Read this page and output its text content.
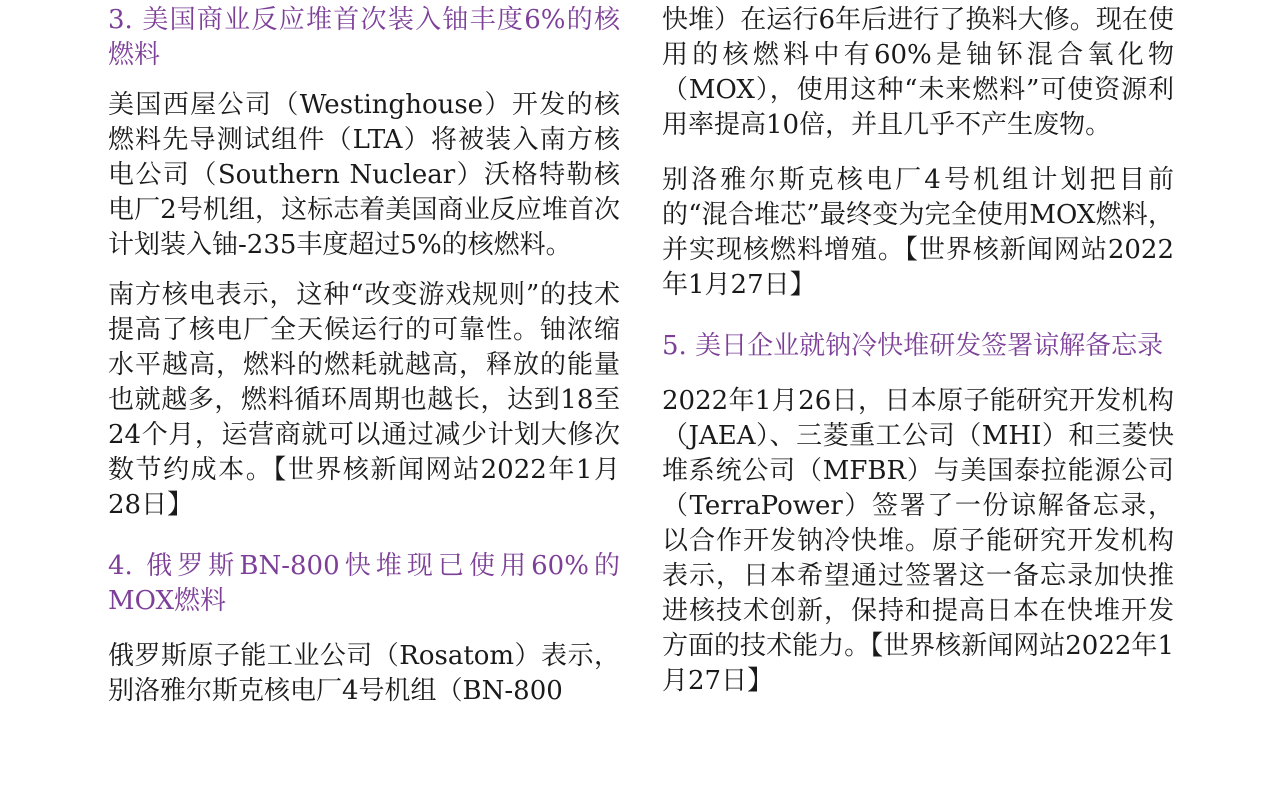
3. 美国商业反应堆首次装入铀丰度6%的核燃料

美国西屋公司（Westinghouse）开发的核燃料先导测试组件（LTA）将被装入南方核电公司（Southern Nuclear）沃格特勒核电厂2号机组，这标志着美国商业反应堆首次计划装入铀-235丰度超过5%的核燃料。

南方核电表示，这种“改变游戏规则”的技术提高了核电厂全天候运行的可靠性。铀浓缩水平越高，燃料的燃耗就越高，释放的能量也就越多，燃料循环周期也越长，达到18至24个月，运营商就可以通过减少计划大修次数节约成本。【世界核新闻网站2022年1月28日】

4. 俄罗斯BN-800快堆现已使用60%的MOX燃料

俄罗斯原子能工业公司（Rosatom）表示，别洛雅尔斯克核电厂4号机组（BN-800

快堆）在运行6年后进行了换料大修。现在使用的核燃料中有60%是铀钚混合氧化物（MOX），使用这种“未来燃料”可使资源利用率提高10倍，并且几乎不产生废物。

别洛雅尔斯克核电厂4号机组计划把目前的“混合堆芯”最终变为完全使用MOX燃料，并实现核燃料增殖。【世界核新闻网站2022年1月27日】

5. 美日企业就钠冷快堆研发签署谅解备忘录

2022年1月26日，日本原子能研究开发机构（JAEA）、三菱重工公司（MHI）和三菱快堆系统公司（MFBR）与美国泰拉能源公司（TerraPower）签署了一份谅解备忘录，以合作开发钠冷快堆。原子能研究开发机构表示，日本希望通过签署这一备忘录加快推进核技术创新，保持和提高日本在快堆开发方面的技术能力。【世界核新闻网站2022年1月27日】
